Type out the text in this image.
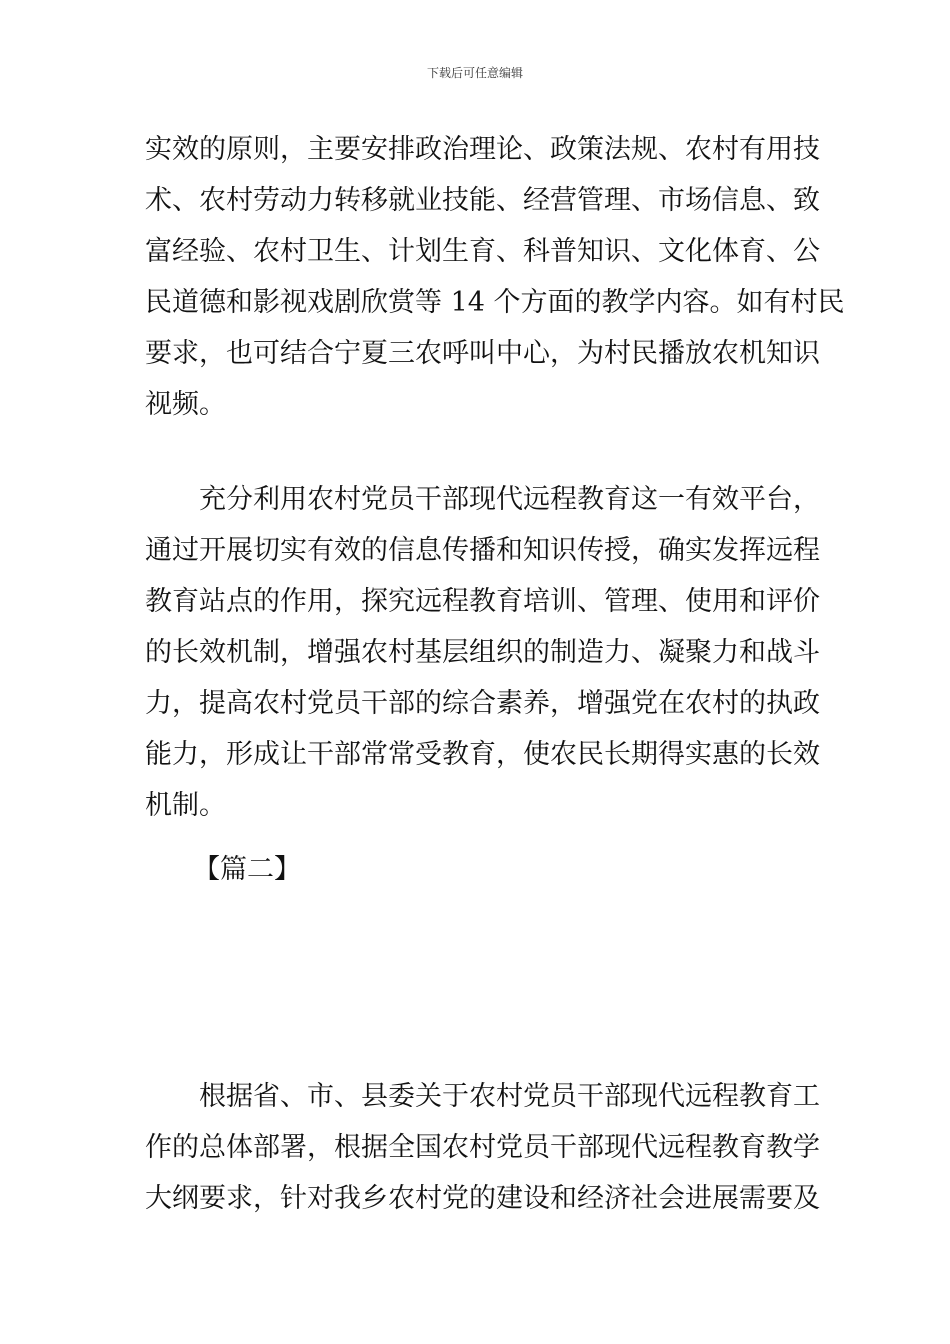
下载后可任意编辑
实效的原则，主要安排政治理论、政策法规、农村有用技
术、农村劳动力转移就业技能、经营管理、市场信息、致
富经验、农村卫生、计划生育、科普知识、文化体育、公
民道德和影视戏剧欣赏等 14 个方面的教学内容。如有村民
要求，也可结合宁夏三农呼叫中心，为村民播放农机知识
视频。
充分利用农村党员干部现代远程教育这一有效平台，
通过开展切实有效的信息传播和知识传授，确实发挥远程
教育站点的作用，探究远程教育培训、管理、使用和评价
的长效机制，增强农村基层组织的制造力、凝聚力和战斗
力，提高农村党员干部的综合素养，增强党在农村的执政
能力，形成让干部常常受教育，使农民长期得实惠的长效
机制。
【篇二】
根据省、市、县委关于农村党员干部现代远程教育工
作的总体部署，根据全国农村党员干部现代远程教育教学
大纲要求，针对我乡农村党的建设和经济社会进展需要及
